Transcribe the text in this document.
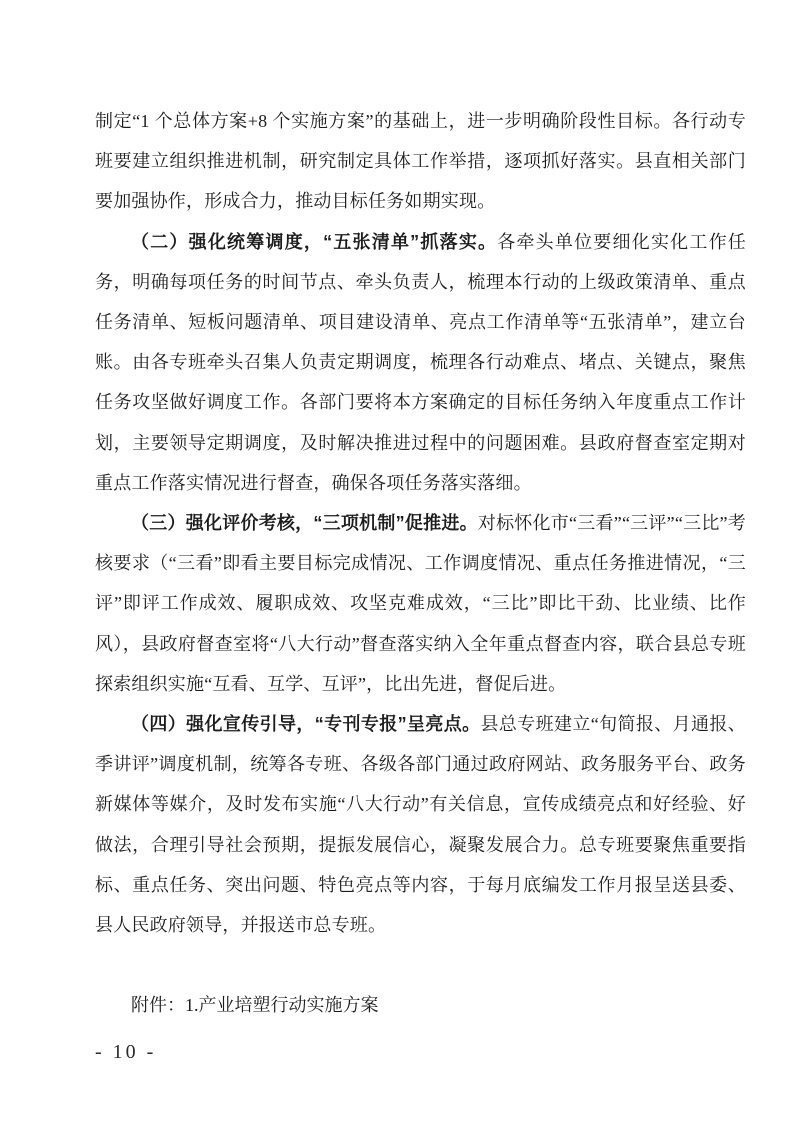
制定“1 个总体方案+8 个实施方案”的基础上，进一步明确阶段性目标。各行动专班要建立组织推进机制，研究制定具体工作举措，逐项抓好落实。县直相关部门要加强协作，形成合力，推动目标任务如期实现。

（二）强化统筹调度，“五张清单”抓落实。各牵头单位要细化实化工作任务，明确每项任务的时间节点、牵头负责人，梳理本行动的上级政策清单、重点任务清单、短板问题清单、项目建设清单、亮点工作清单等“五张清单”，建立台账。由各专班牵头召集人负责定期调度，梳理各行动难点、堵点、关键点，聚焦任务攻坚做好调度工作。各部门要将本方案确定的目标任务纳入年度重点工作计划，主要领导定期调度，及时解决推进过程中的问题困难。县政府督查室定期对重点工作落实情况进行督查，确保各项任务落实落细。

（三）强化评价考核，“三项机制”促推进。对标怀化市“三看”“三评”“三比”考核要求（“三看”即看主要目标完成情况、工作调度情况、重点任务推进情况，“三评”即评工作成效、履职成效、攻坚克难成效，“三比”即比干劲、比业绩、比作风），县政府督查室将“八大行动”督查落实纳入全年重点督查内容，联合县总专班探索组织实施“互看、互学、互评”，比出先进，督促后进。

（四）强化宣传引导，“专刊专报”呈亮点。县总专班建立“旬简报、月通报、季讲评”调度机制，统筹各专班、各级各部门通过政府网站、政务服务平台、政务新媒体等媒介，及时发布实施“八大行动”有关信息，宣传成绩亮点和好经验、好做法，合理引导社会预期，提振发展信心，凝聚发展合力。总专班要聚焦重要指标、重点任务、突出问题、特色亮点等内容，于每月底编发工作月报呈送县委、县人民政府领导，并报送市总专班。

附件：1.产业培塑行动实施方案

- 10 -
